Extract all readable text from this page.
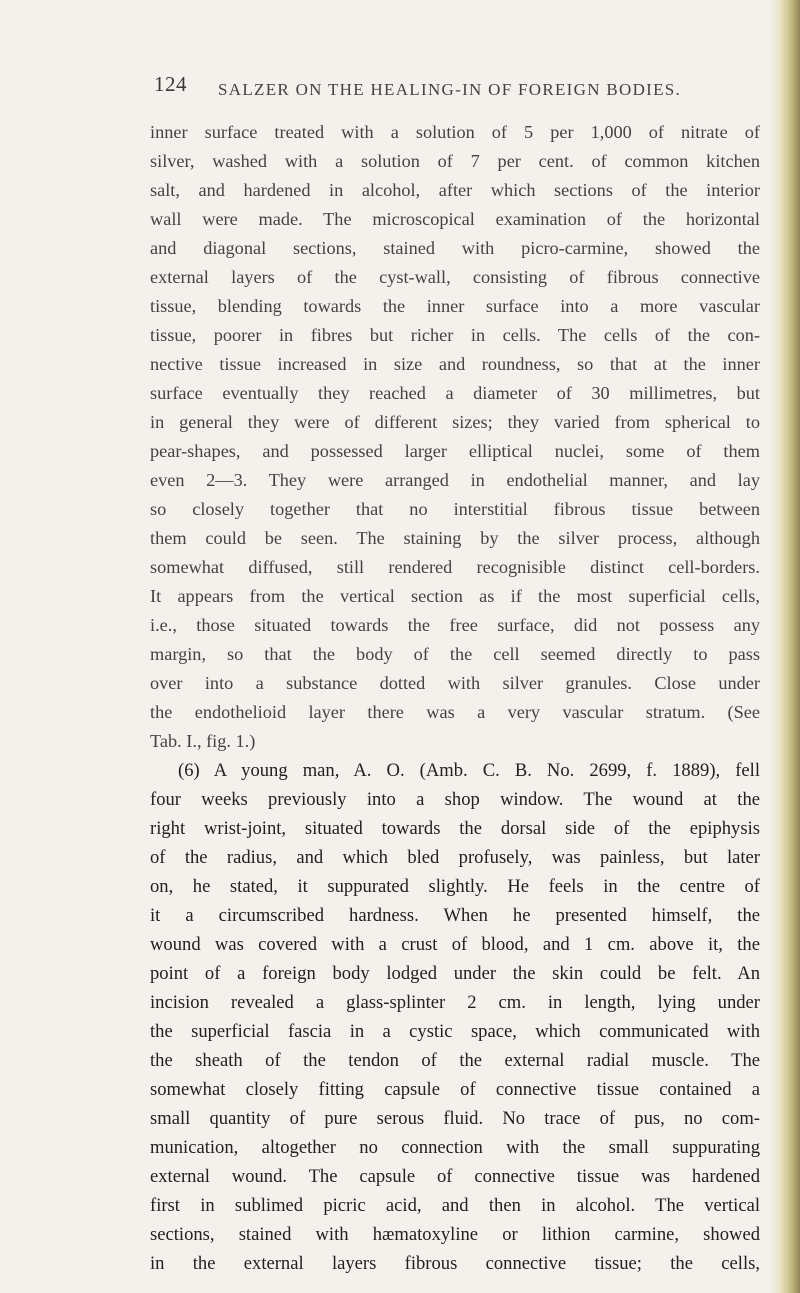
124 SALZER ON THE HEALING-IN OF FOREIGN BODIES.
inner surface treated with a solution of 5 per 1,000 of nitrate of
silver, washed with a solution of 7 per cent. of common kitchen
salt, and hardened in alcohol, after which sections of the interior
wall were made. The microscopical examination of the horizontal
and diagonal sections, stained with picro-carmine, showed the
external layers of the cyst-wall, consisting of fibrous connective
tissue, blending towards the inner surface into a more vascular
tissue, poorer in fibres but richer in cells. The cells of the con-
nective tissue increased in size and roundness, so that at the inner
surface eventually they reached a diameter of 30 millimetres, but
in general they were of different sizes; they varied from spherical to
pear-shapes, and possessed larger elliptical nuclei, some of them
even 2—3. They were arranged in endothelial manner, and lay
so closely together that no interstitial fibrous tissue between
them could be seen. The staining by the silver process, although
somewhat diffused, still rendered recognisible distinct cell-borders.
It appears from the vertical section as if the most superficial cells,
i.e., those situated towards the free surface, did not possess any
margin, so that the body of the cell seemed directly to pass
over into a substance dotted with silver granules. Close under
the endothelioid layer there was a very vascular stratum. (See
Tab. I., fig. 1.)
(6) A young man, A. O. (Amb. C. B. No. 2699, f. 1889), fell
four weeks previously into a shop window. The wound at the
right wrist-joint, situated towards the dorsal side of the epiphysis
of the radius, and which bled profusely, was painless, but later
on, he stated, it suppurated slightly. He feels in the centre of
it a circumscribed hardness. When he presented himself, the
wound was covered with a crust of blood, and 1 cm. above it, the
point of a foreign body lodged under the skin could be felt. An
incision revealed a glass-splinter 2 cm. in length, lying under
the superficial fascia in a cystic space, which communicated with
the sheath of the tendon of the external radial muscle. The
somewhat closely fitting capsule of connective tissue contained a
small quantity of pure serous fluid. No trace of pus, no com-
munication, altogether no connection with the small suppurating
external wound. The capsule of connective tissue was hardened
first in sublimed picric acid, and then in alcohol. The vertical
sections, stained with hæmatoxyline or lithion carmine, showed
in the external layers fibrous connective tissue; the cells,
